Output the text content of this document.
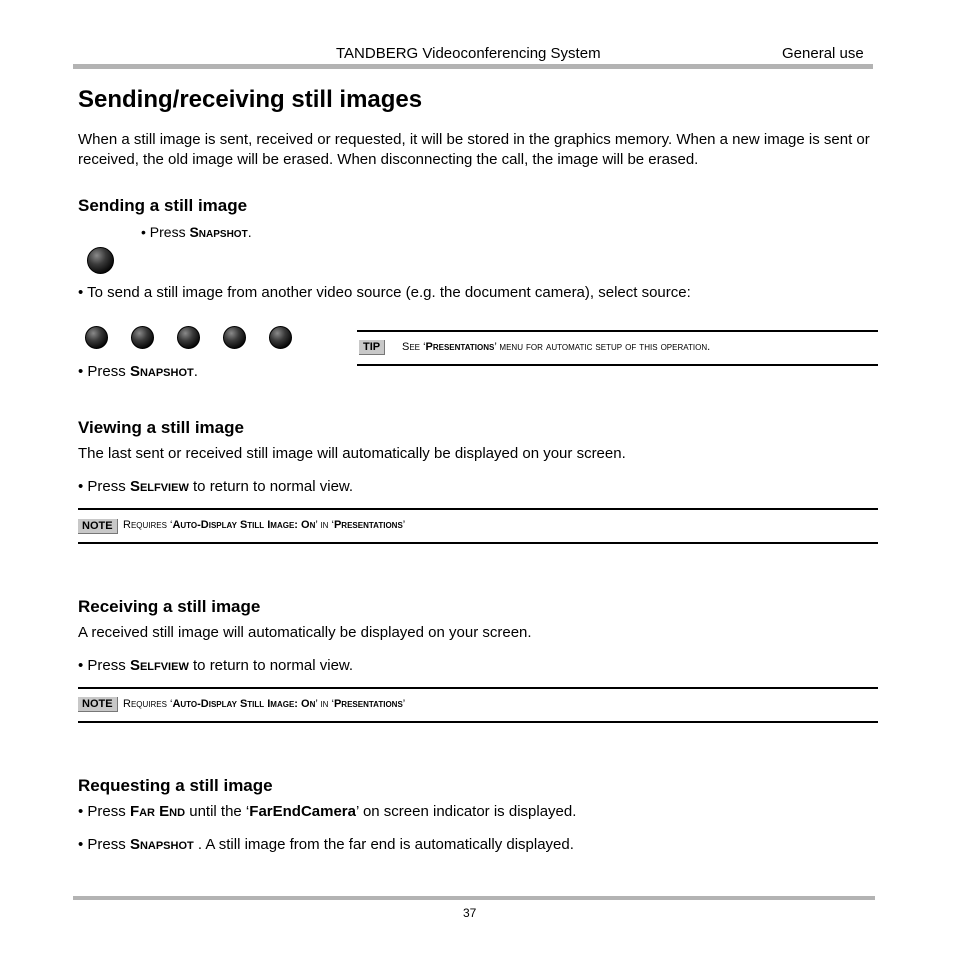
TANDBERG Videoconferencing System	General use
Sending/receiving still images
When a still image is sent, received or requested, it will be stored in the graphics memory. When a new image is sent or received, the old image will be erased. When disconnecting the call, the image will be erased.
Sending a still image
• Press Snapshot.
• To send a still image from another video source (e.g. the document camera), select source:
• Press Snapshot.
TIP	See ‘Presentations’ menu for automatic setup of this operation.
Viewing a still image
The last sent or received still image will automatically be displayed on your screen.
• Press Selfview to return to normal view.
NOTE Requires ‘Auto-Display Still Image: On’ in ‘Presentations’
Receiving a still image
A received still image will automatically be displayed on your screen.
• Press Selfview to return to normal view.
NOTE Requires ‘Auto-Display Still Image: On’ in ‘Presentations’
Requesting a still image
• Press Far End until the ‘FarEndCamera’ on screen indicator is displayed.
• Press Snapshot . A still image from the far end is automatically displayed.
37
